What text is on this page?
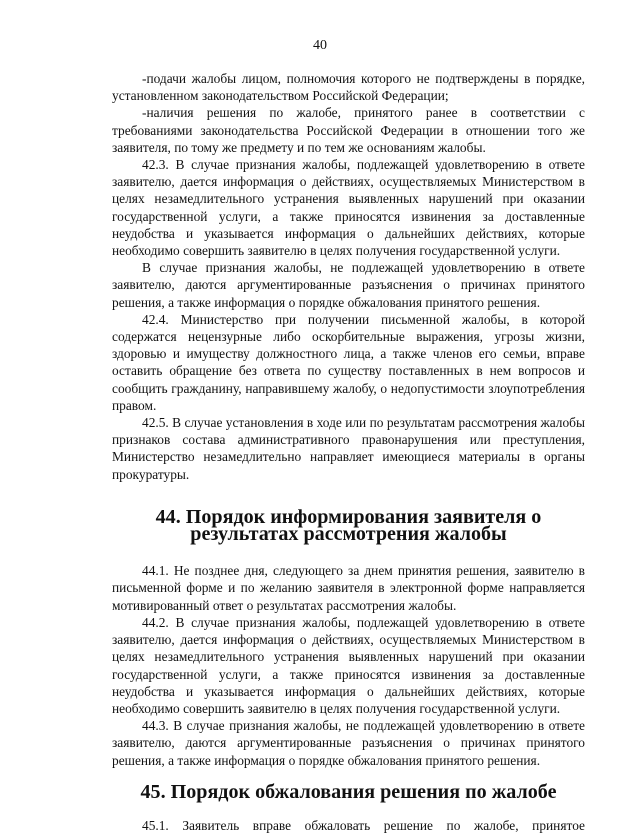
40

-подачи жалобы лицом, полномочия которого не подтверждены в порядке, установленном законодательством Российской Федерации;

-наличия решения по жалобе, принятого ранее в соответствии с требованиями законодательства Российской Федерации в отношении того же заявителя, по тому же предмету и по тем же основаниям жалобы.

42.3. В случае признания жалобы, подлежащей удовлетворению в ответе заявителю, дается информация о действиях, осуществляемых Министерством в целях незамедлительного устранения выявленных нарушений при оказании государственной услуги, а также приносятся извинения за доставленные неудобства и указывается информация о дальнейших действиях, которые необходимо совершить заявителю в целях получения государственной услуги.

В случае признания жалобы, не подлежащей удовлетворению в ответе заявителю, даются аргументированные разъяснения о причинах принятого решения, а также информация о порядке обжалования принятого решения.

42.4. Министерство при получении письменной жалобы, в которой содержатся нецензурные либо оскорбительные выражения, угрозы жизни, здоровью и имуществу должностного лица, а также членов его семьи, вправе оставить обращение без ответа по существу поставленных в нем вопросов и сообщить гражданину, направившему жалобу, о недопустимости злоупотребления правом.

42.5. В случае установления в ходе или по результатам рассмотрения жалобы признаков состава административного правонарушения или преступления, Министерство незамедлительно направляет имеющиеся материалы в органы прокуратуры.

44. Порядок информирования заявителя о результатах рассмотрения жалобы

44.1. Не позднее дня, следующего за днем принятия решения, заявителю в письменной форме и по желанию заявителя в электронной форме направляется мотивированный ответ о результатах рассмотрения жалобы.

44.2. В случае признания жалобы, подлежащей удовлетворению в ответе заявителю, дается информация о действиях, осуществляемых Министерством в целях незамедлительного устранения выявленных нарушений при оказании государственной услуги, а также приносятся извинения за доставленные неудобства и указывается информация о дальнейших действиях, которые необходимо совершить заявителю в целях получения государственной услуги.

44.3. В случае признания жалобы, не подлежащей удовлетворению в ответе заявителю, даются аргументированные разъяснения о причинах принятого решения, а также информация о порядке обжалования принятого решения.

45. Порядок обжалования решения по жалобе

45.1. Заявитель вправе обжаловать решение по жалобе, принятое
